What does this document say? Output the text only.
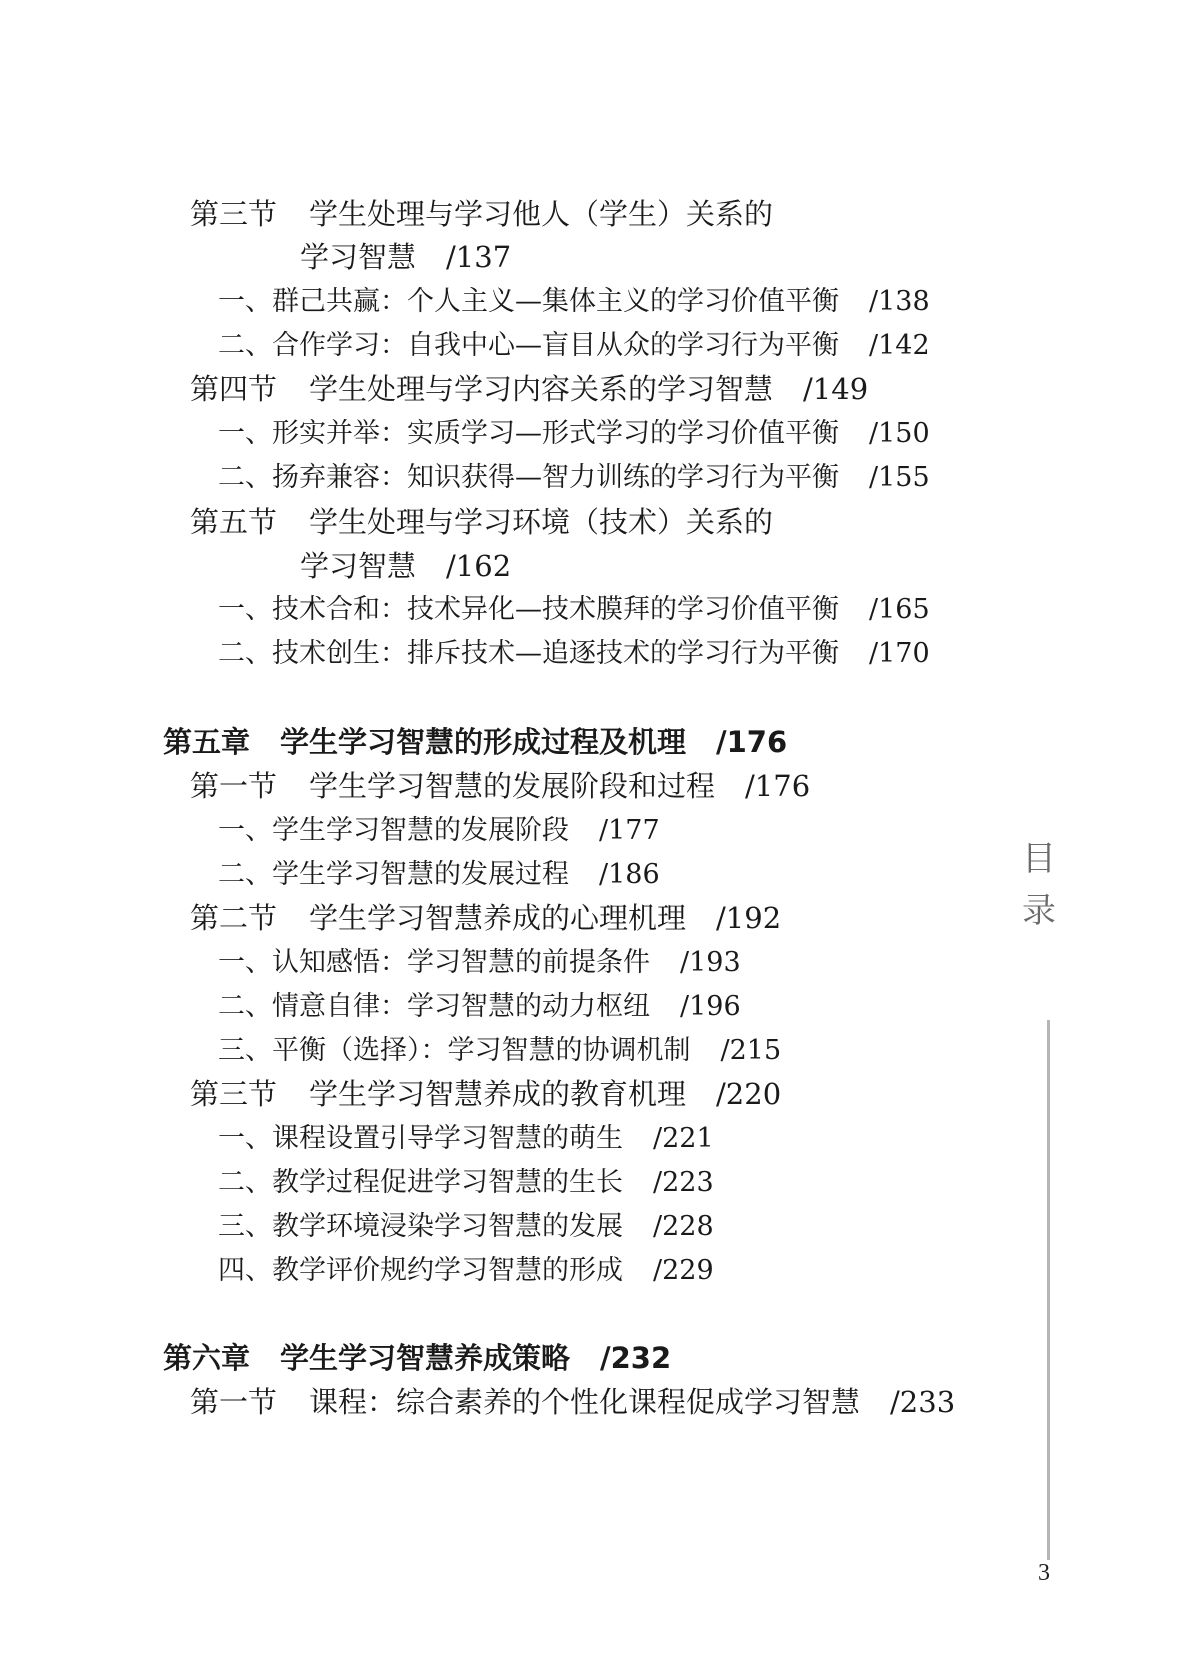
第三节 学生处理与学习他人（学生）关系的
学习智慧 /137
一、群己共赢：个人主义—集体主义的学习价值平衡 /138
二、合作学习：自我中心—盲目从众的学习行为平衡 /142
第四节 学生处理与学习内容关系的学习智慧 /149
一、形实并举：实质学习—形式学习的学习价值平衡 /150
二、扬弃兼容：知识获得—智力训练的学习行为平衡 /155
第五节 学生处理与学习环境（技术）关系的
学习智慧 /162
一、技术合和：技术异化—技术膜拜的学习价值平衡 /165
二、技术创生：排斥技术—追逐技术的学习行为平衡 /170
第五章 学生学习智慧的形成过程及机理 /176
第一节 学生学习智慧的发展阶段和过程 /176
一、学生学习智慧的发展阶段 /177
二、学生学习智慧的发展过程 /186
第二节 学生学习智慧养成的心理机理 /192
一、认知感悟：学习智慧的前提条件 /193
二、情意自律：学习智慧的动力枢纽 /196
三、平衡（选择）：学习智慧的协调机制 /215
第三节 学生学习智慧养成的教育机理 /220
一、课程设置引导学习智慧的萌生 /221
二、教学过程促进学习智慧的生长 /223
三、教学环境浸染学习智慧的发展 /228
四、教学评价规约学习智慧的形成 /229
第六章 学生学习智慧养成策略 /232
第一节 课程：综合素养的个性化课程促成学习智慧 /233
目
录
3
